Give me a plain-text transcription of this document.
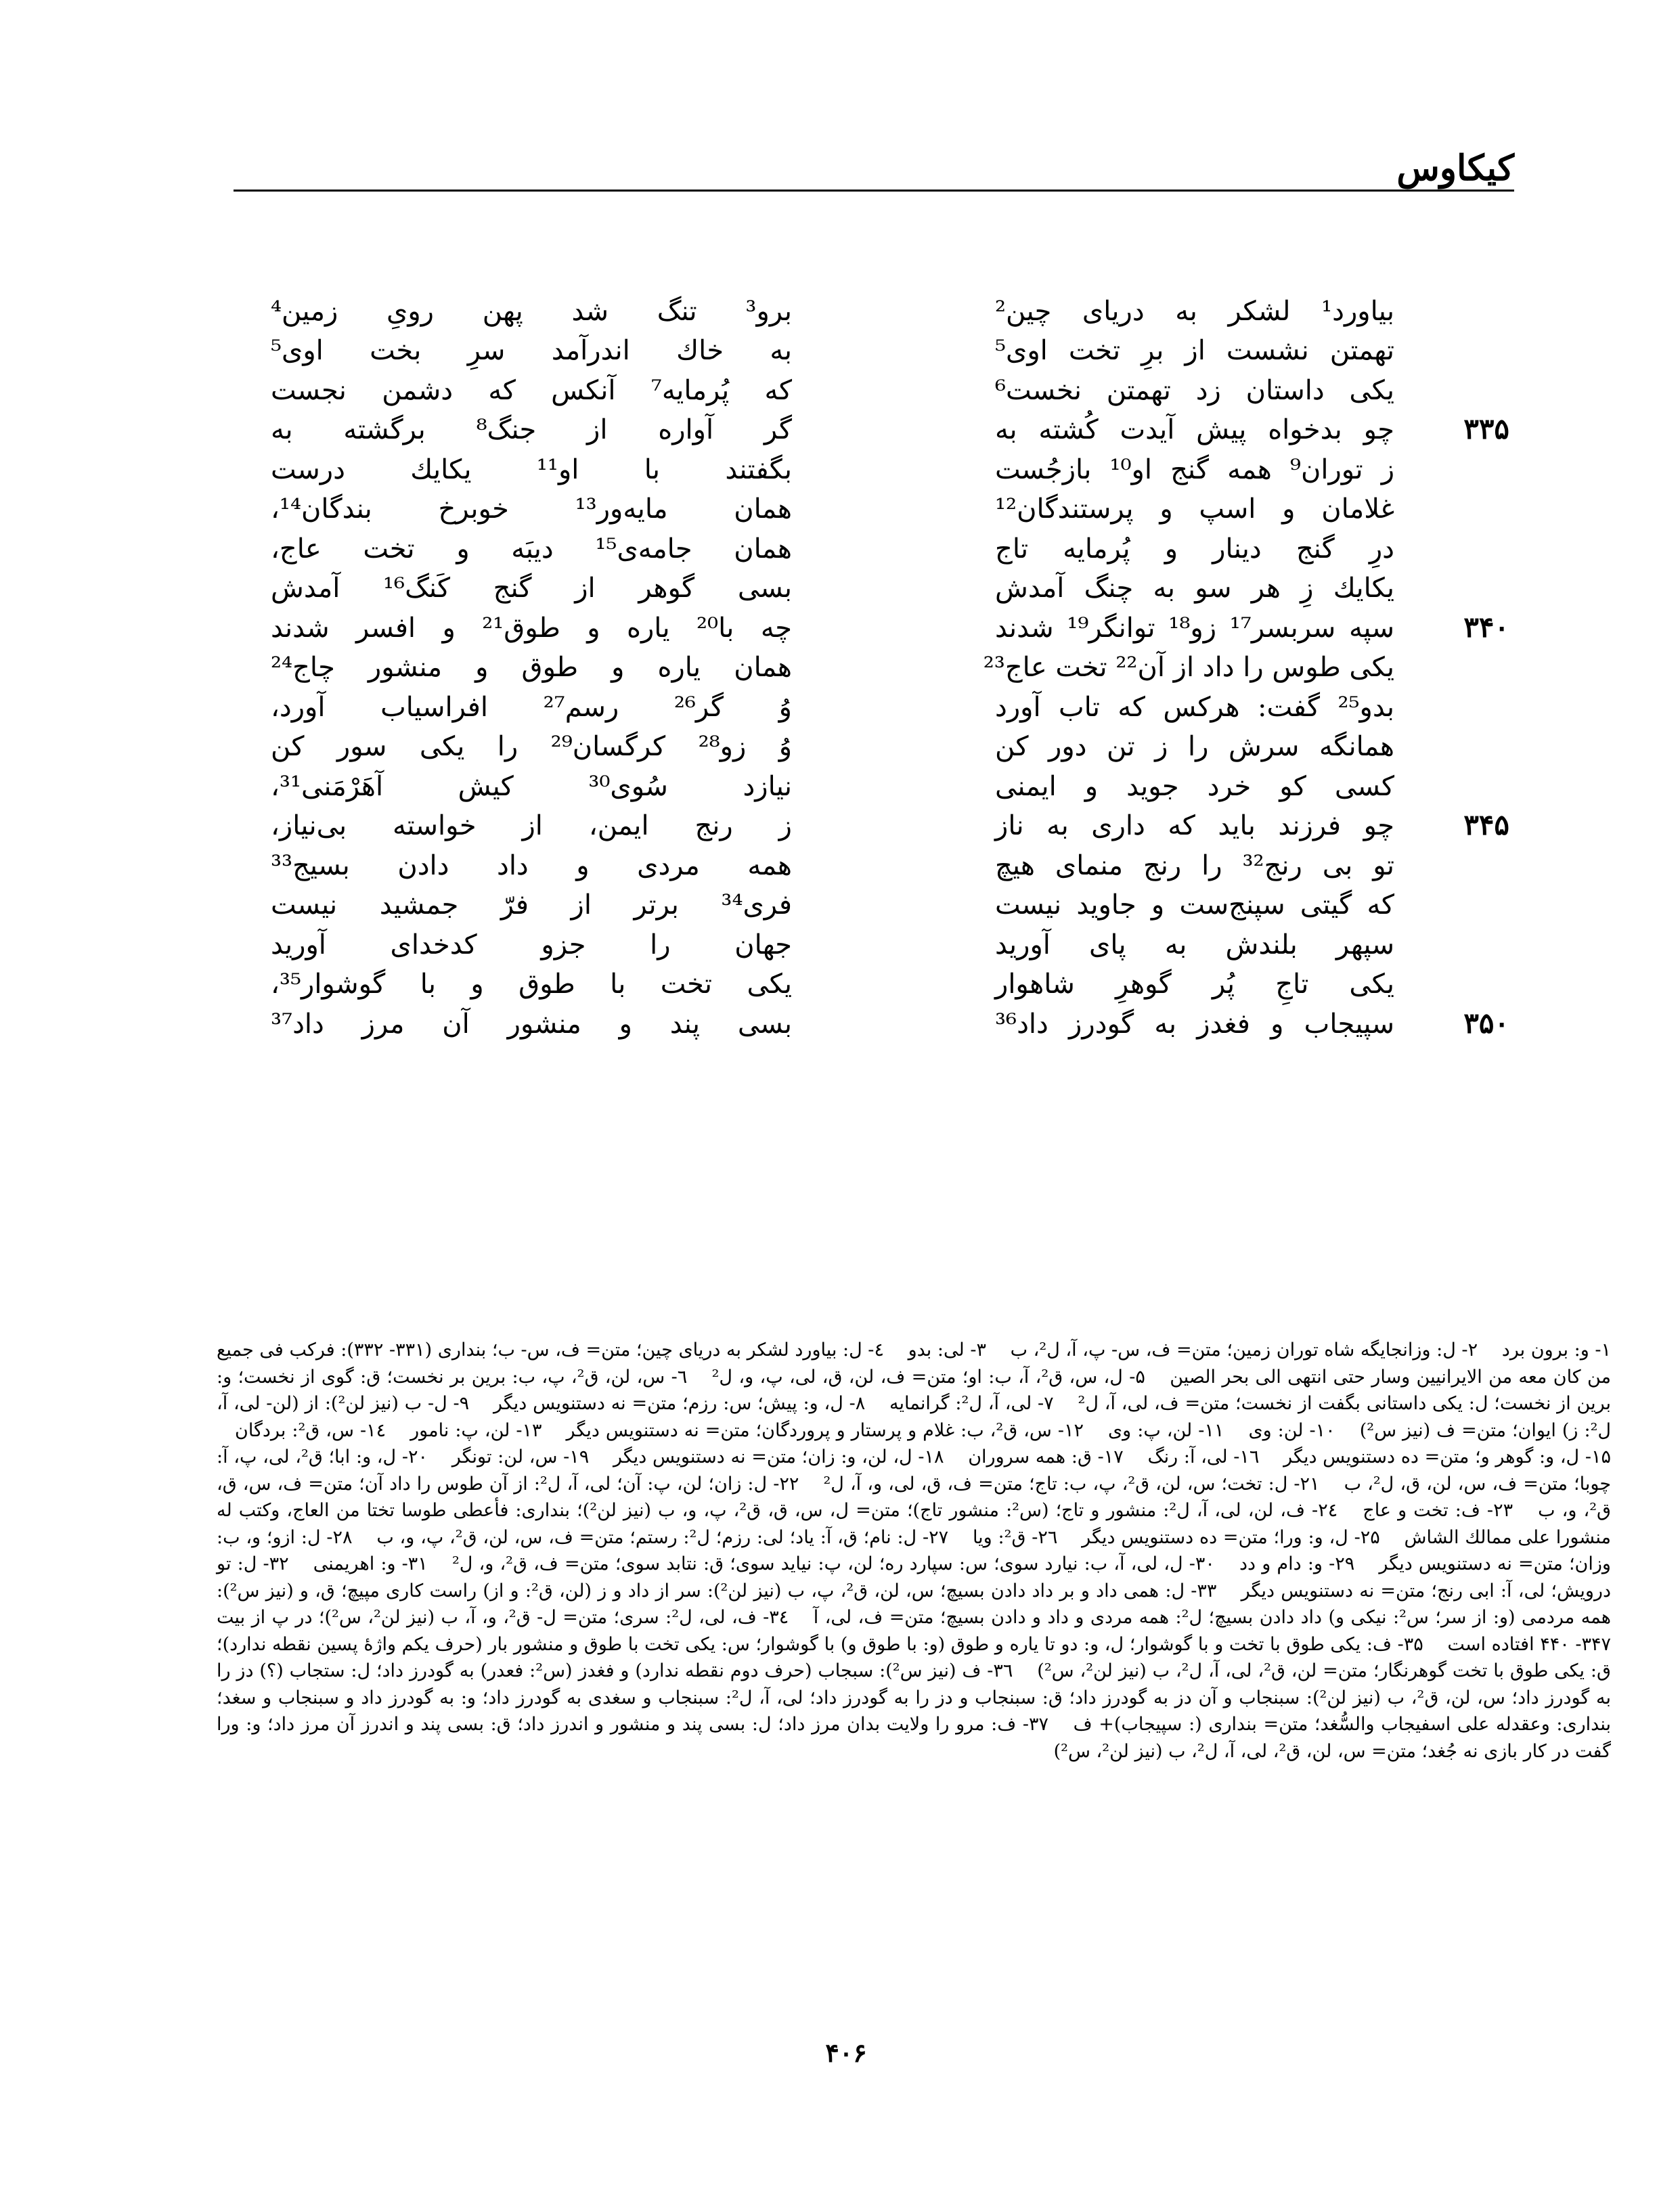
کیکاوس
بیاورد¹ لشکر به دریای چین²
برو³ تنگ شد پهن رویِ زمین⁴
تهمتن نشست از برِ تخت اوی⁵
به خاك اندرآمد سرِ بخت اوی⁵
یکی داستان زد تهمتن نخست⁶
که پُرمایه⁷ آنکس که دشمن نجست
۳۳۵
چو بدخواه پیش آیدت کُشته به
گر آواره از جنگ⁸ برگشته به
ز توران⁹ همه گنج او¹⁰ بازجُست
بگفتند با او¹¹ یکایك درست
غلامان و اسپ و پرستندگان¹²
همان مایه‌ور¹³ خوبرخ بندگان¹⁴،
درِ گنج دینار و پُرمایه تاج
همان جامه‌ی¹⁵ دیبَه و تخت عاج،
یکایك زِ هر سو به چنگ آمدش
بسی گوهر از گنج کَنگ¹⁶ آمدش
۳۴۰
سپه سربسر¹⁷ زو¹⁸ توانگر¹⁹ شدند
چه با²⁰ یاره و طوق²¹ و افسر شدند
یکی طوس را داد از آن²² تخت عاج²³
همان یاره و طوق و منشور چاج²⁴
بدو²⁵ گفت: هرکس که تاب آورد
وُ گر²⁶ رسم²⁷ افراسیاب آورد،
همانگه سرش را ز تن دور کن
وُ زو²⁸ کرگسان²⁹ را یکی سور کن
کسی کو خرد جوید و ایمنی
نیازد سُوی³⁰ کیش آهَرْمَنی³¹،
۳۴۵
چو فرزند باید که داری به ناز
ز رنج ایمن، از خواسته بی‌نیاز،
تو بی رنج³² را رنج منمای هیچ
همه مردی و داد دادن بسیج³³
که گیتی سپنج‌ست و جاوید نیست
فری³⁴ برتر از فرّ جمشید نیست
سپهر بلندش به پای آورید
جهان را جزو کدخدای آورید
یکی تاجِ پُر گوهرِ شاهوار
یکی تخت با طوق و با گوشوار³⁵،
۳۵۰
سپیجاب و فغدز به گودرز داد³⁶
بسی پند و منشور آن مرز داد³⁷
۱- و: برون برد  ۲- ل: وزانجایگه شاه توران زمین؛ متن= ف، س- پ، آ، ل²، ب  ۳- لی: بدو  ٤- ل: بیاورد لشکر به دریای چین؛ متن= ف، س- ب؛ بنداری (۳۳۱- ۳۳۲): فرکب فی جمیع من کان معه من الایرانیین وسار حتی انتهی الی بحر الصین  ۵- ل، س، ق²، آ، ب: او؛ متن= ف، لن، ق، لی، پ، و، ل²  ٦- س، لن، ق²، پ، ب: برین بر نخست؛ ق: گوی از نخست؛ و: برین از نخست؛ ل: یکی داستانی بگفت از نخست؛ متن= ف، لی، آ، ل²  ۷- لی، آ، ل²: گرانمایه  ۸- ل، و: پیش؛ س: رزم؛ متن= نه دستنویس دیگر  ۹- ل- ب (نیز لن²): از (لن- لی، آ، ل²: ز) ایوان؛ متن= ف (نیز س²)  ۱۰- لن: وی  ۱۱- لن، پ: وی  ۱۲- س، ق²، ب: غلام و پرستار و پروردگان؛ متن= نه دستنویس دیگر  ۱۳- لن، پ: نامور  ۱٤- س، ق²: بردگان  ۱۵- ل، و: گوهر و؛ متن= ده دستنویس دیگر  ۱٦- لی، آ: رنگ  ۱۷- ق: همه سروران  ۱۸- ل، لن، و: زان؛ متن= نه دستنویس دیگر  ۱۹- س، لن: تونگر  ۲۰- ل، و: ابا؛ ق²، لی، پ، آ: چوبا؛ متن= ف، س، لن، ق، ل²، ب  ۲۱- ل: تخت؛ س، لن، ق²، پ، ب: تاج؛ متن= ف، ق، لی، و، آ، ل²  ۲۲- ل: زان؛ لن، پ: آن؛ لی، آ، ل²: از آن طوس را داد آن؛ متن= ف، س، ق، ق²، و، ب  ۲۳- ف: تخت و عاج  ۲٤- ف، لن، لی، آ، ل²: منشور و تاج؛ (س²: منشور تاج)؛ متن= ل، س، ق، ق²، پ، و، ب (نیز لن²)؛ بنداری: فأعطی طوسا تختا من العاج، وکتب له منشورا علی ممالك الشاش  ۲۵- ل، و: ورا؛ متن= ده دستنویس دیگر  ۲٦- ق²: ویا  ۲۷- ل: نام؛ ق، آ: یاد؛ لی: رزم؛ ل²: رستم؛ متن= ف، س، لن، ق²، پ، و، ب  ۲۸- ل: ازو؛ و، ب: وزان؛ متن= نه دستنویس دیگر  ۲۹- و: دام و دد  ۳۰- ل، لی، آ، ب: نیارد سوی؛ س: سپارد ره؛ لن، پ: نیاید سوی؛ ق: نتابد سوی؛ متن= ف، ق²، و، ل²  ۳۱- و: اهریمنی  ۳۲- ل: تو درویش؛ لی، آ: ابی رنج؛ متن= نه دستنویس دیگر  ۳۳- ل: همی داد و بر داد دادن بسیچ؛ س، لن، ق²، پ، ب (نیز لن²): سر از داد و ز (لن، ق²: و از) راست کاری مپیچ؛ ق، و (نیز س²): همه مردمی (و: از سر؛ س²: نیکی و) داد دادن بسیچ؛ ل²: همه مردی و داد و دادن بسیچ؛ متن= ف، لی، آ  ۳٤- ف، لی، ل²: سری؛ متن= ل- ق²، و، آ، ب (نیز لن²، س²)؛ در پ از بیت ۳۴۷- ۴۴۰ افتاده است  ۳۵- ف: یکی طوق با تخت و با گوشوار؛ ل، و: دو تا یاره و طوق (و: با طوق و) با گوشوار؛ س: یکی تخت با طوق و منشور بار (حرف یکم واژهٔ پسین نقطه ندارد)؛ ق: یکی طوق با تخت گوهرنگار؛ متن= لن، ق²، لی، آ، ل²، ب (نیز لن²، س²)  ۳٦- ف (نیز س²): سبجاب (حرف دوم نقطه ندارد) و فغدز (س²: فعدر) به گودرز داد؛ ل: ستجاب (؟) دز را به گودرز داد؛ س، لن، ق²، ب (نیز لن²): سبنجاب و آن دز به گودرز داد؛ ق: سبنجاب و دز را به گودرز داد؛ لی، آ، ل²: سبنجاب و سغدی به گودرز داد؛ و: به گودرز داد و سبنجاب و سغد؛ بنداری: وعقدله علی اسفیجاب والسُّغد؛ متن= بنداری (: سپیجاب)+ ف  ۳۷- ف: مرو را ولایت بدان مرز داد؛ ل: بسی پند و منشور و اندرز داد؛ ق: بسی پند و اندرز آن مرز داد؛ و: ورا گفت در کار بازی نه جُغد؛ متن= س، لن، ق²، لی، آ، ل²، ب (نیز لن²، س²) 
۴۰۶
